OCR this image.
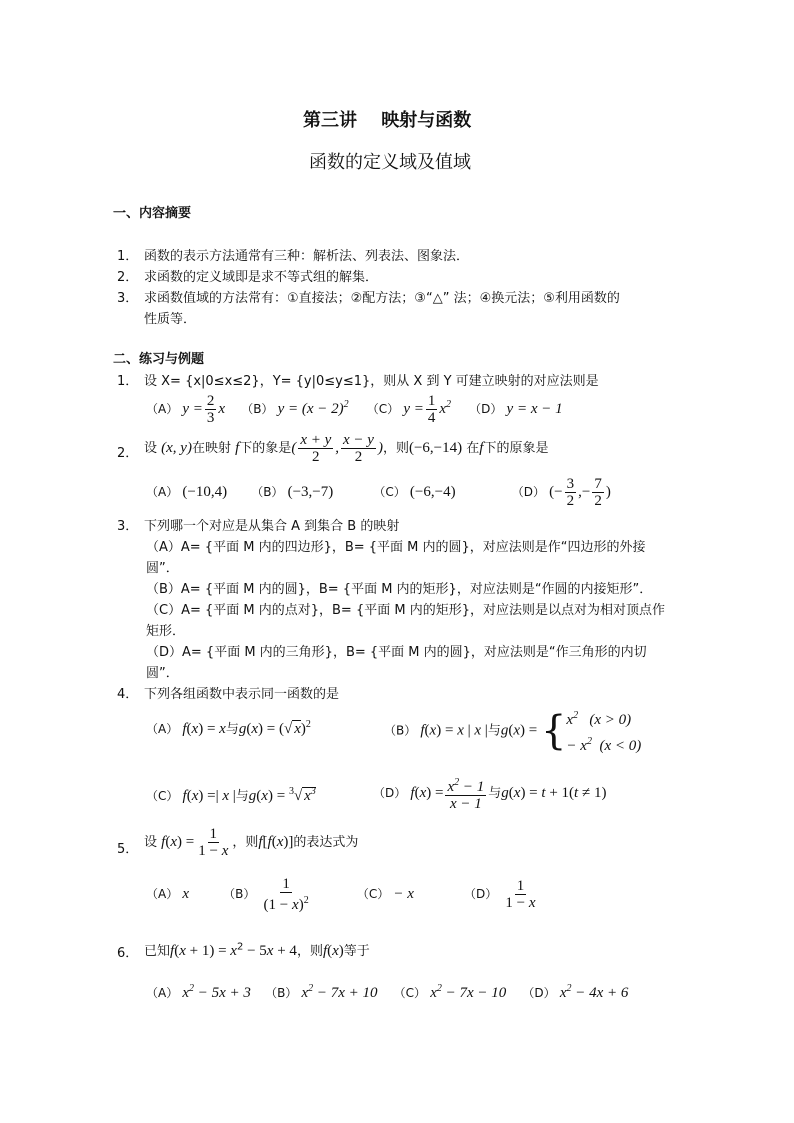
第三讲　 映射与函数
函数的定义域及值域
一、内容摘要
1． 函数的表示方法通常有三种：解析法、列表法、图象法．
2． 求函数的定义域即是求不等式组的解集．
3． 求函数值域的方法常有：①直接法；②配方法；③“△” 法；④换元法；⑤利用函数的
性质等．
二、练习与例题
1． 设 X= {x|0≤x≤2}，Y= {y|0≤y≤1}，则从 X 到 Y 可建立映射的对应法则是
（A） $y = \frac{2}{3}$ x （B） $y = (x - 2)^2$ （C） $y = \frac{1}{4} x^2$ （D） y = x − 1
2． 设 (x, y)在映射 f下的象是( $\frac{x + y}{2}$ , $\frac{x - y}{2}$ )，则(−6,−14) 在f下的原象是
（A） (−10,4) （B） (−3,−7)	（C） (−6,−4)	（D） (− $\frac{3}{2}$ ,− $\frac{7}{2}$ )
3． 下列哪一个对应是从集合 A 到集合 B 的映射
（A）A= {平面 M 内的四边形}，B= {平面 M 内的圆}，对应法则是作“四边形的外接
圆”．
（B）A= {平面 M 内的圆}，B= {平面 M 内的矩形}，对应法则是“作圆的内接矩形”．
（C）A= {平面 M 内的点对}，B= {平面 M 内的矩形}，对应法则是以点对为相对顶点作
矩形．
（D）A= {平面 M 内的三角形}，B= {平面 M 内的圆}，对应法则是“作三角形的内切
圆”．
4． 下列各组函数中表示同一函数的是
（A） f(x) = x与g(x) = (√ x)$^2$	（B） f(x) = x | x |与g(x) = { $x^2$   (x > 0)
− $x^2$  (x < 0)
（C） f(x) =| x |与g(x) = $^3$√ $x^3$	（D） $f(x) = \frac{x^2 - 1}{x - 1}$ 与g(x) = t + 1(t ≠ 1)
5． 设 $f(x) = \frac{1}{1 - x}$ ，则f[f(x)]的表达式为
（A） x	$(B) \frac{1}{(1 - x)^2}$	（C） − x	$(D) \frac{1}{1 - x}$
6． 已知$f(x + 1) = x^2 - 5x + 4$，则f(x)等于
（A） $x^2 - 5x + 3$ （B） $x^2 - 7x + 10$ （C） $x^2 - 7x - 10$ （D） $x^2 - 4x + 6$
